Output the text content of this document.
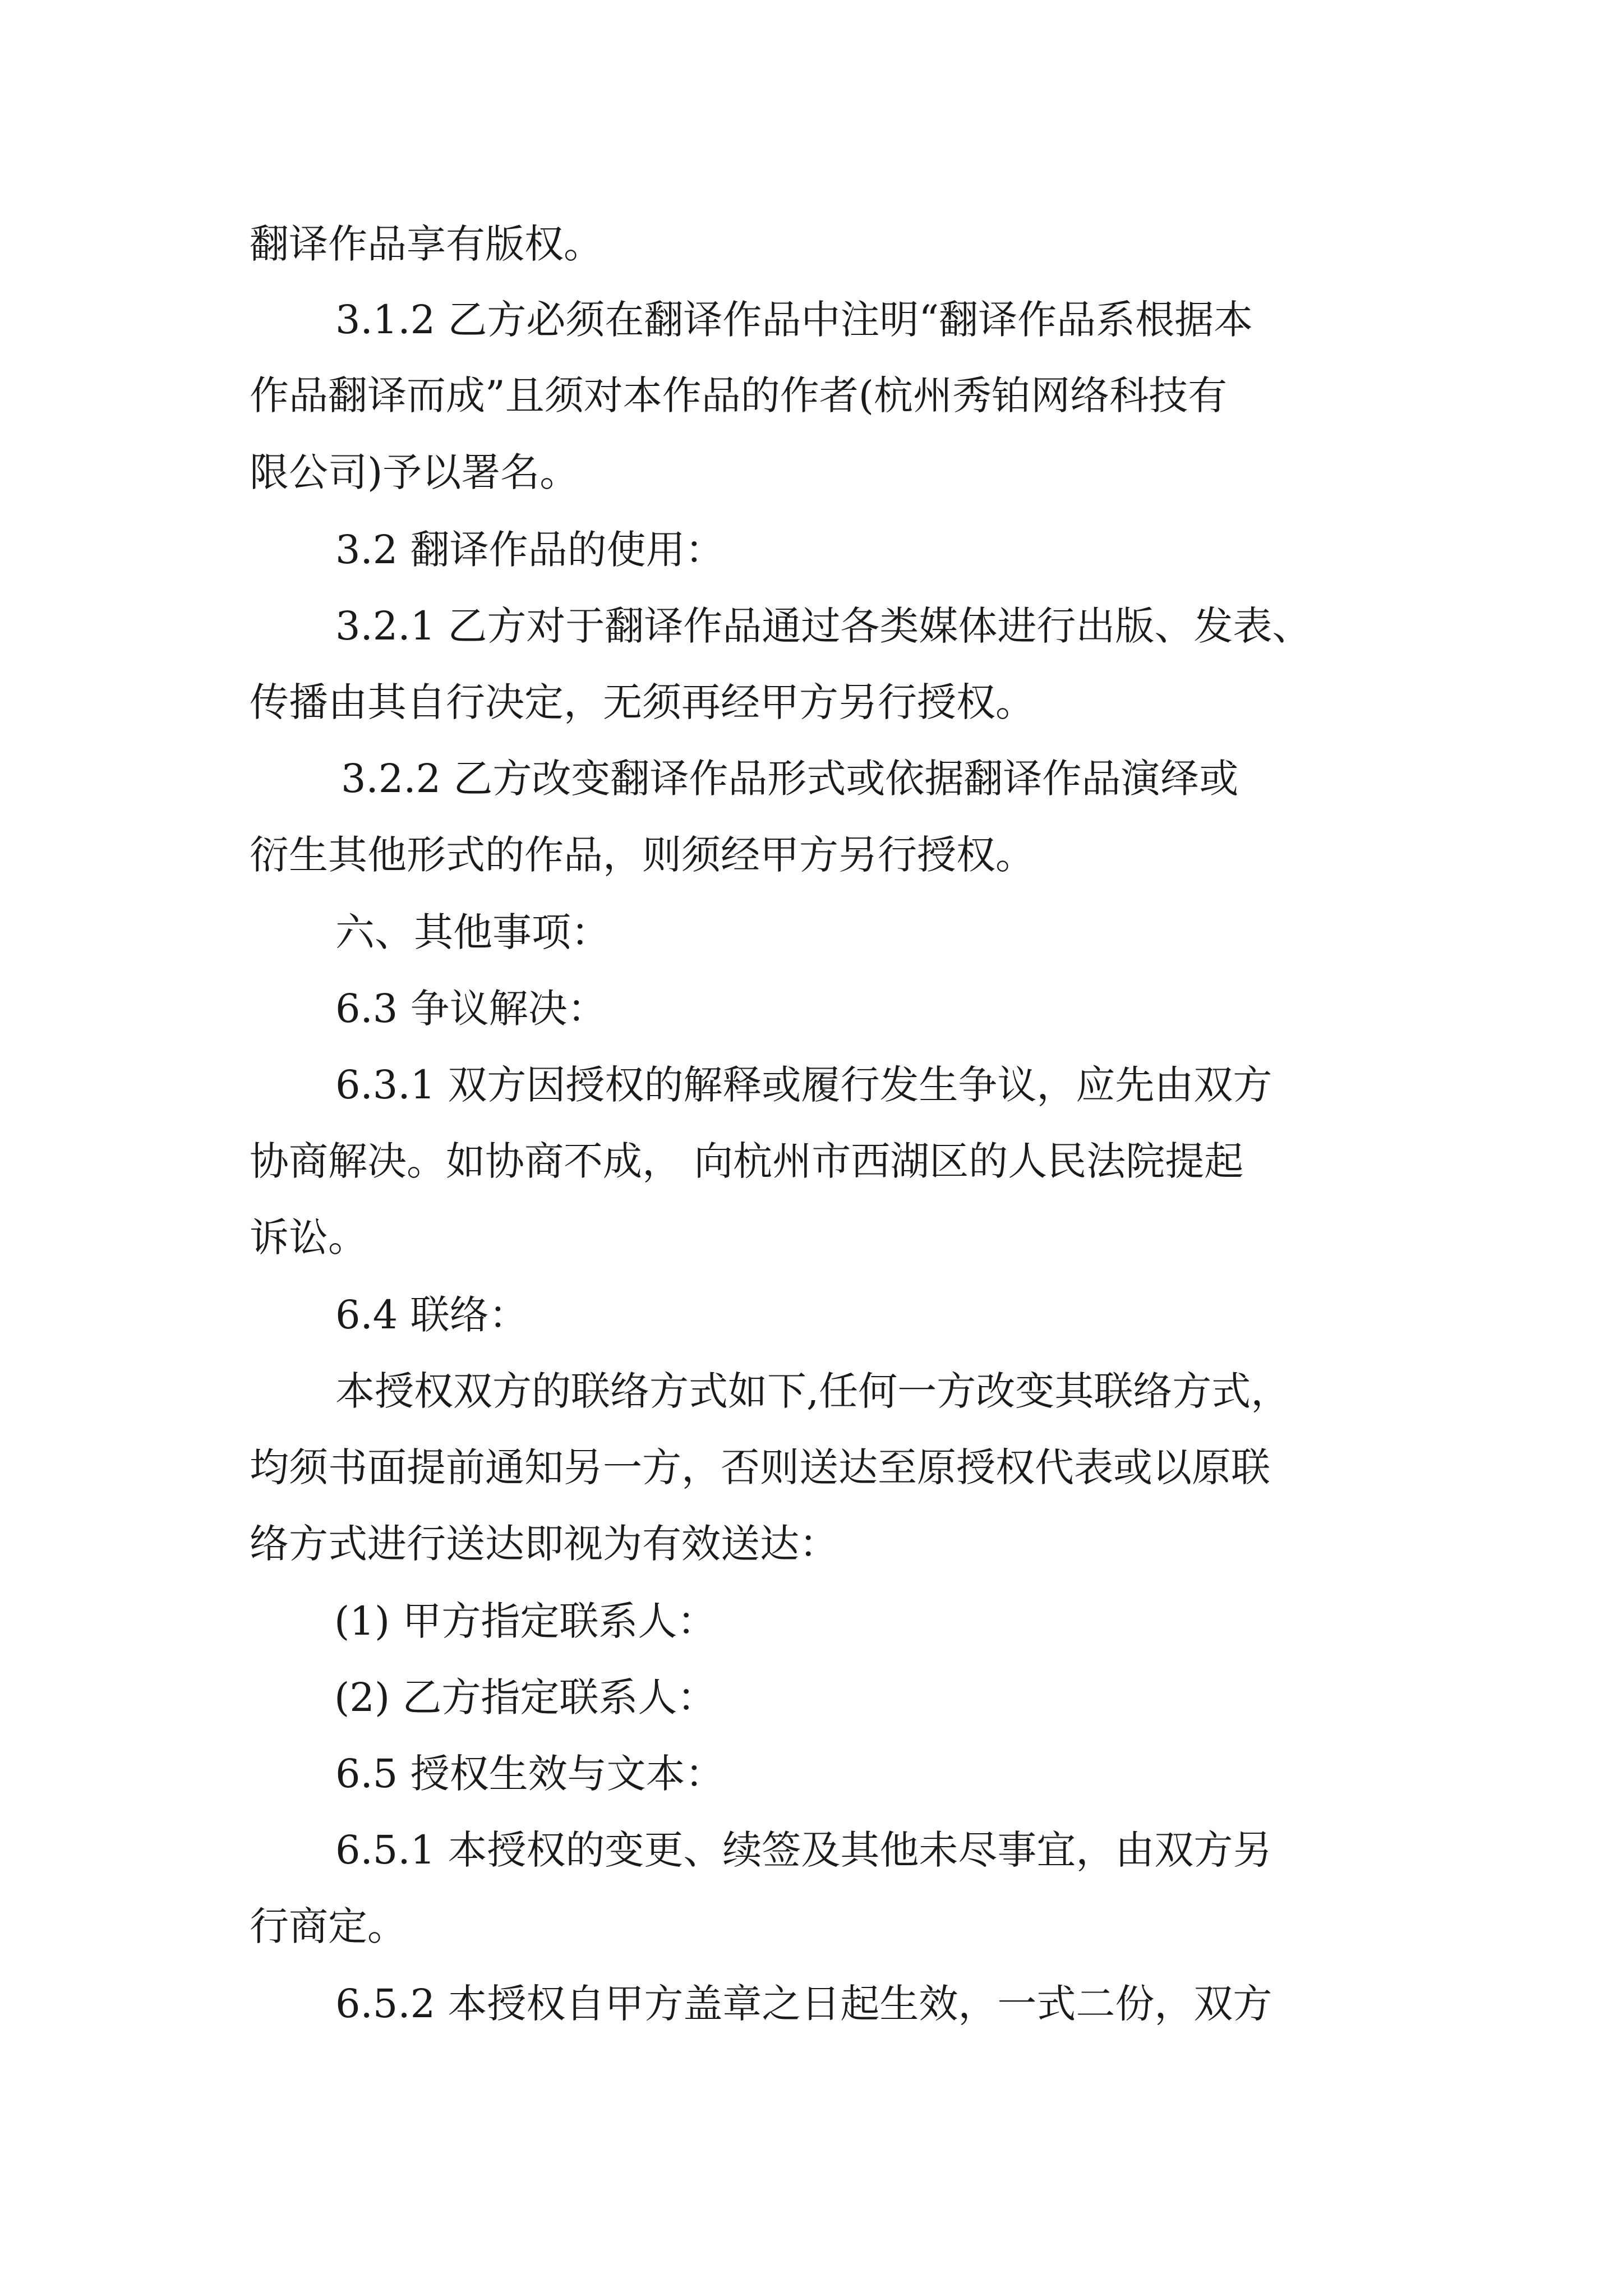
翻译作品享有版权。
3.1.2 乙方必须在翻译作品中注明“翻译作品系根据本
作品翻译而成”且须对本作品的作者(杭州秀铂网络科技有
限公司)予以署名。
3.2 翻译作品的使用：
3.2.1 乙方对于翻译作品通过各类媒体进行出版、发表、
传播由其自行决定，无须再经甲方另行授权。
3.2.2 乙方改变翻译作品形式或依据翻译作品演绎或
衍生其他形式的作品，则须经甲方另行授权。
六、其他事项：
6.3 争议解决：
6.3.1 双方因授权的解释或履行发生争议，应先由双方
协商解决。如协商不成， 向杭州市西湖区的人民法院提起
诉讼。
6.4 联络：
本授权双方的联络方式如下,任何一方改变其联络方式，
均须书面提前通知另一方，否则送达至原授权代表或以原联
络方式进行送达即视为有效送达：
(1) 甲方指定联系人：
(2) 乙方指定联系人：
6.5 授权生效与文本：
6.5.1 本授权的变更、续签及其他未尽事宜，由双方另
行商定。
6.5.2 本授权自甲方盖章之日起生效，一式二份，双方
